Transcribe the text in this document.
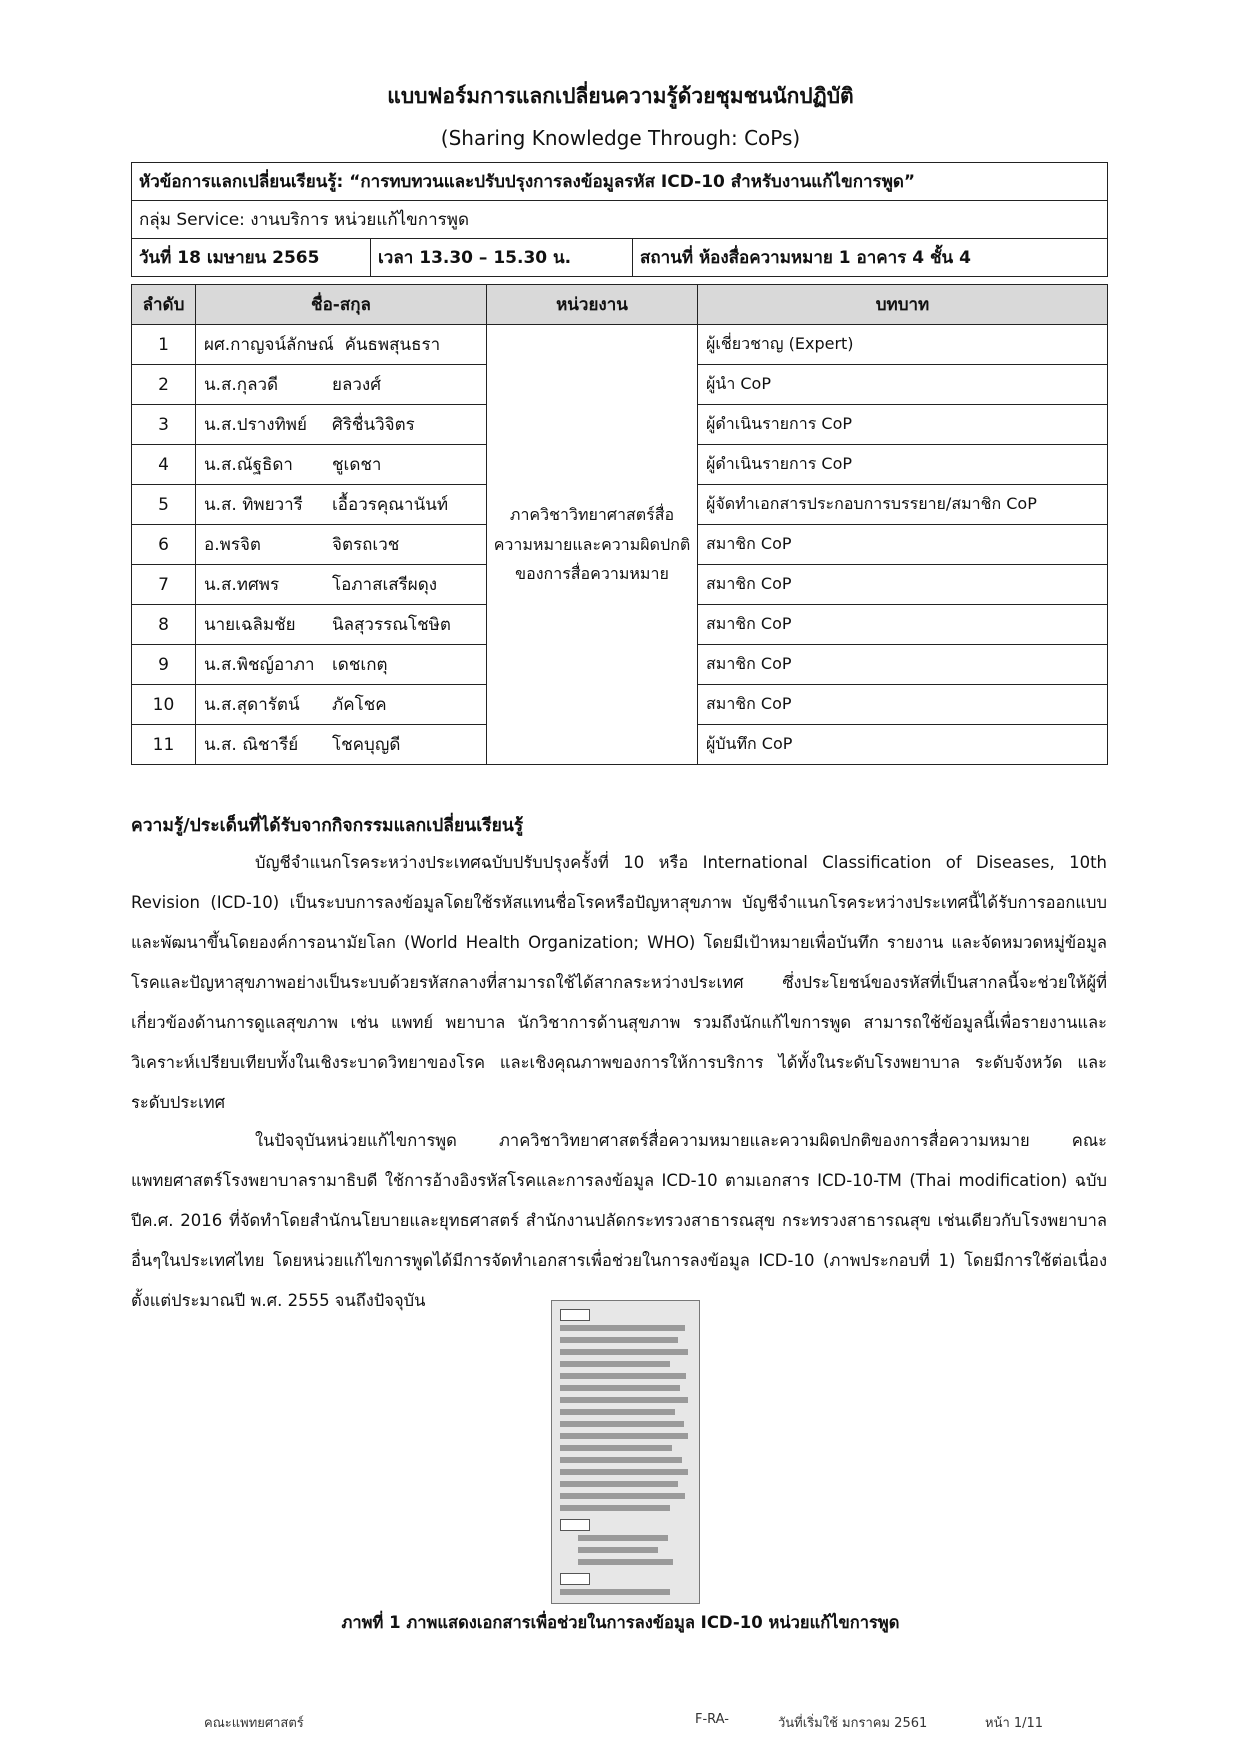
แบบฟอร์มการแลกเปลี่ยนความรู้ด้วยชุมชนนักปฏิบัติ
(Sharing Knowledge Through: CoPs)
หัวข้อการแลกเปลี่ยนเรียนรู้: “การทบทวนและปรับปรุงการลงข้อมูลรหัส ICD-10 สำหรับงานแก้ไขการพูด”
กลุ่ม Service: งานบริการ หน่วยแก้ไขการพูด
วันที่ 18 เมษายน 2565	เวลา 13.30 – 15.30 น.	สถานที่ ห้องสื่อความหมาย 1 อาคาร 4 ชั้น 4
ลำดับ	ชื่อ-สกุล	หน่วยงาน	บทบาท
1	ผศ.กาญจน์ลักษณ์ คันธพสุนธรา	ภาควิชาวิทยาศาสตร์สื่อความหมายและความผิดปกติของการสื่อความหมาย	ผู้เชี่ยวชาญ (Expert)
2	น.ส.กุลวดี ยลวงศ์		ผู้นำ CoP
3	น.ส.ปรางทิพย์ ศิริชื่นวิจิตร		ผู้ดำเนินรายการ CoP
4	น.ส.ณัฐธิดา ชูเดชา		ผู้ดำเนินรายการ CoP
5	น.ส. ทิพยวารี เอื้อวรคุณานันท์		ผู้จัดทำเอกสารประกอบการบรรยาย/สมาชิก CoP
6	อ.พรจิต จิตรถเวช		สมาชิก CoP
7	น.ส.ทศพร โอภาสเสรีผดุง		สมาชิก CoP
8	นายเฉลิมชัย นิลสุวรรณโชษิต		สมาชิก CoP
9	น.ส.พิชญ์อาภา เดชเกตุ		สมาชิก CoP
10	น.ส.สุดารัตน์ ภัคโชค		สมาชิก CoP
11	น.ส. ณิชารีย์ โชคบุญดี		ผู้บันทึก CoP
ความรู้/ประเด็นที่ได้รับจากกิจกรรมแลกเปลี่ยนเรียนรู้
บัญชีจำแนกโรคระหว่างประเทศฉบับปรับปรุงครั้งที่ 10 หรือ International Classification of Diseases, 10th Revision (ICD-10) เป็นระบบการลงข้อมูลโดยใช้รหัสแทนชื่อโรคหรือปัญหาสุขภาพ บัญชีจำแนกโรคระหว่างประเทศนี้ได้รับการออกแบบและพัฒนาขึ้นโดยองค์การอนามัยโลก (World Health Organization; WHO) โดยมีเป้าหมายเพื่อบันทึก รายงาน และจัดหมวดหมู่ข้อมูลโรคและปัญหาสุขภาพอย่างเป็นระบบด้วยรหัสกลางที่สามารถใช้ได้สากลระหว่างประเทศ ซึ่งประโยชน์ของรหัสที่เป็นสากลนี้จะช่วยให้ผู้ที่เกี่ยวข้องด้านการดูแลสุขภาพ เช่น แพทย์ พยาบาล นักวิชาการด้านสุขภาพ รวมถึงนักแก้ไขการพูด สามารถใช้ข้อมูลนี้เพื่อรายงานและวิเคราะห์เปรียบเทียบทั้งในเชิงระบาดวิทยาของโรค และเชิงคุณภาพของการให้การบริการ ได้ทั้งในระดับโรงพยาบาล ระดับจังหวัด และระดับประเทศ
ในปัจจุบันหน่วยแก้ไขการพูด ภาควิชาวิทยาศาสตร์สื่อความหมายและความผิดปกติของการสื่อความหมาย คณะแพทยศาสตร์โรงพยาบาลรามาธิบดี ใช้การอ้างอิงรหัสโรคและการลงข้อมูล ICD-10 ตามเอกสาร ICD-10-TM (Thai modification) ฉบับปีค.ศ. 2016 ที่จัดทำโดยสำนักนโยบายและยุทธศาสตร์ สำนักงานปลัดกระทรวงสาธารณสุข กระทรวงสาธารณสุข เช่นเดียวกับโรงพยาบาลอื่นๆในประเทศไทย โดยหน่วยแก้ไขการพูดได้มีการจัดทำเอกสารเพื่อช่วยในการลงข้อมูล ICD-10 (ภาพประกอบที่ 1) โดยมีการใช้ต่อเนื่องตั้งแต่ประมาณปี พ.ศ. 2555 จนถึงปัจจุบัน
ภาพที่ 1 ภาพแสดงเอกสารเพื่อช่วยในการลงข้อมูล ICD-10 หน่วยแก้ไขการพูด
คณะแพทยศาสตร์	F-RA-	วันที่เริ่มใช้ มกราคม 2561	หน้า 1/11
